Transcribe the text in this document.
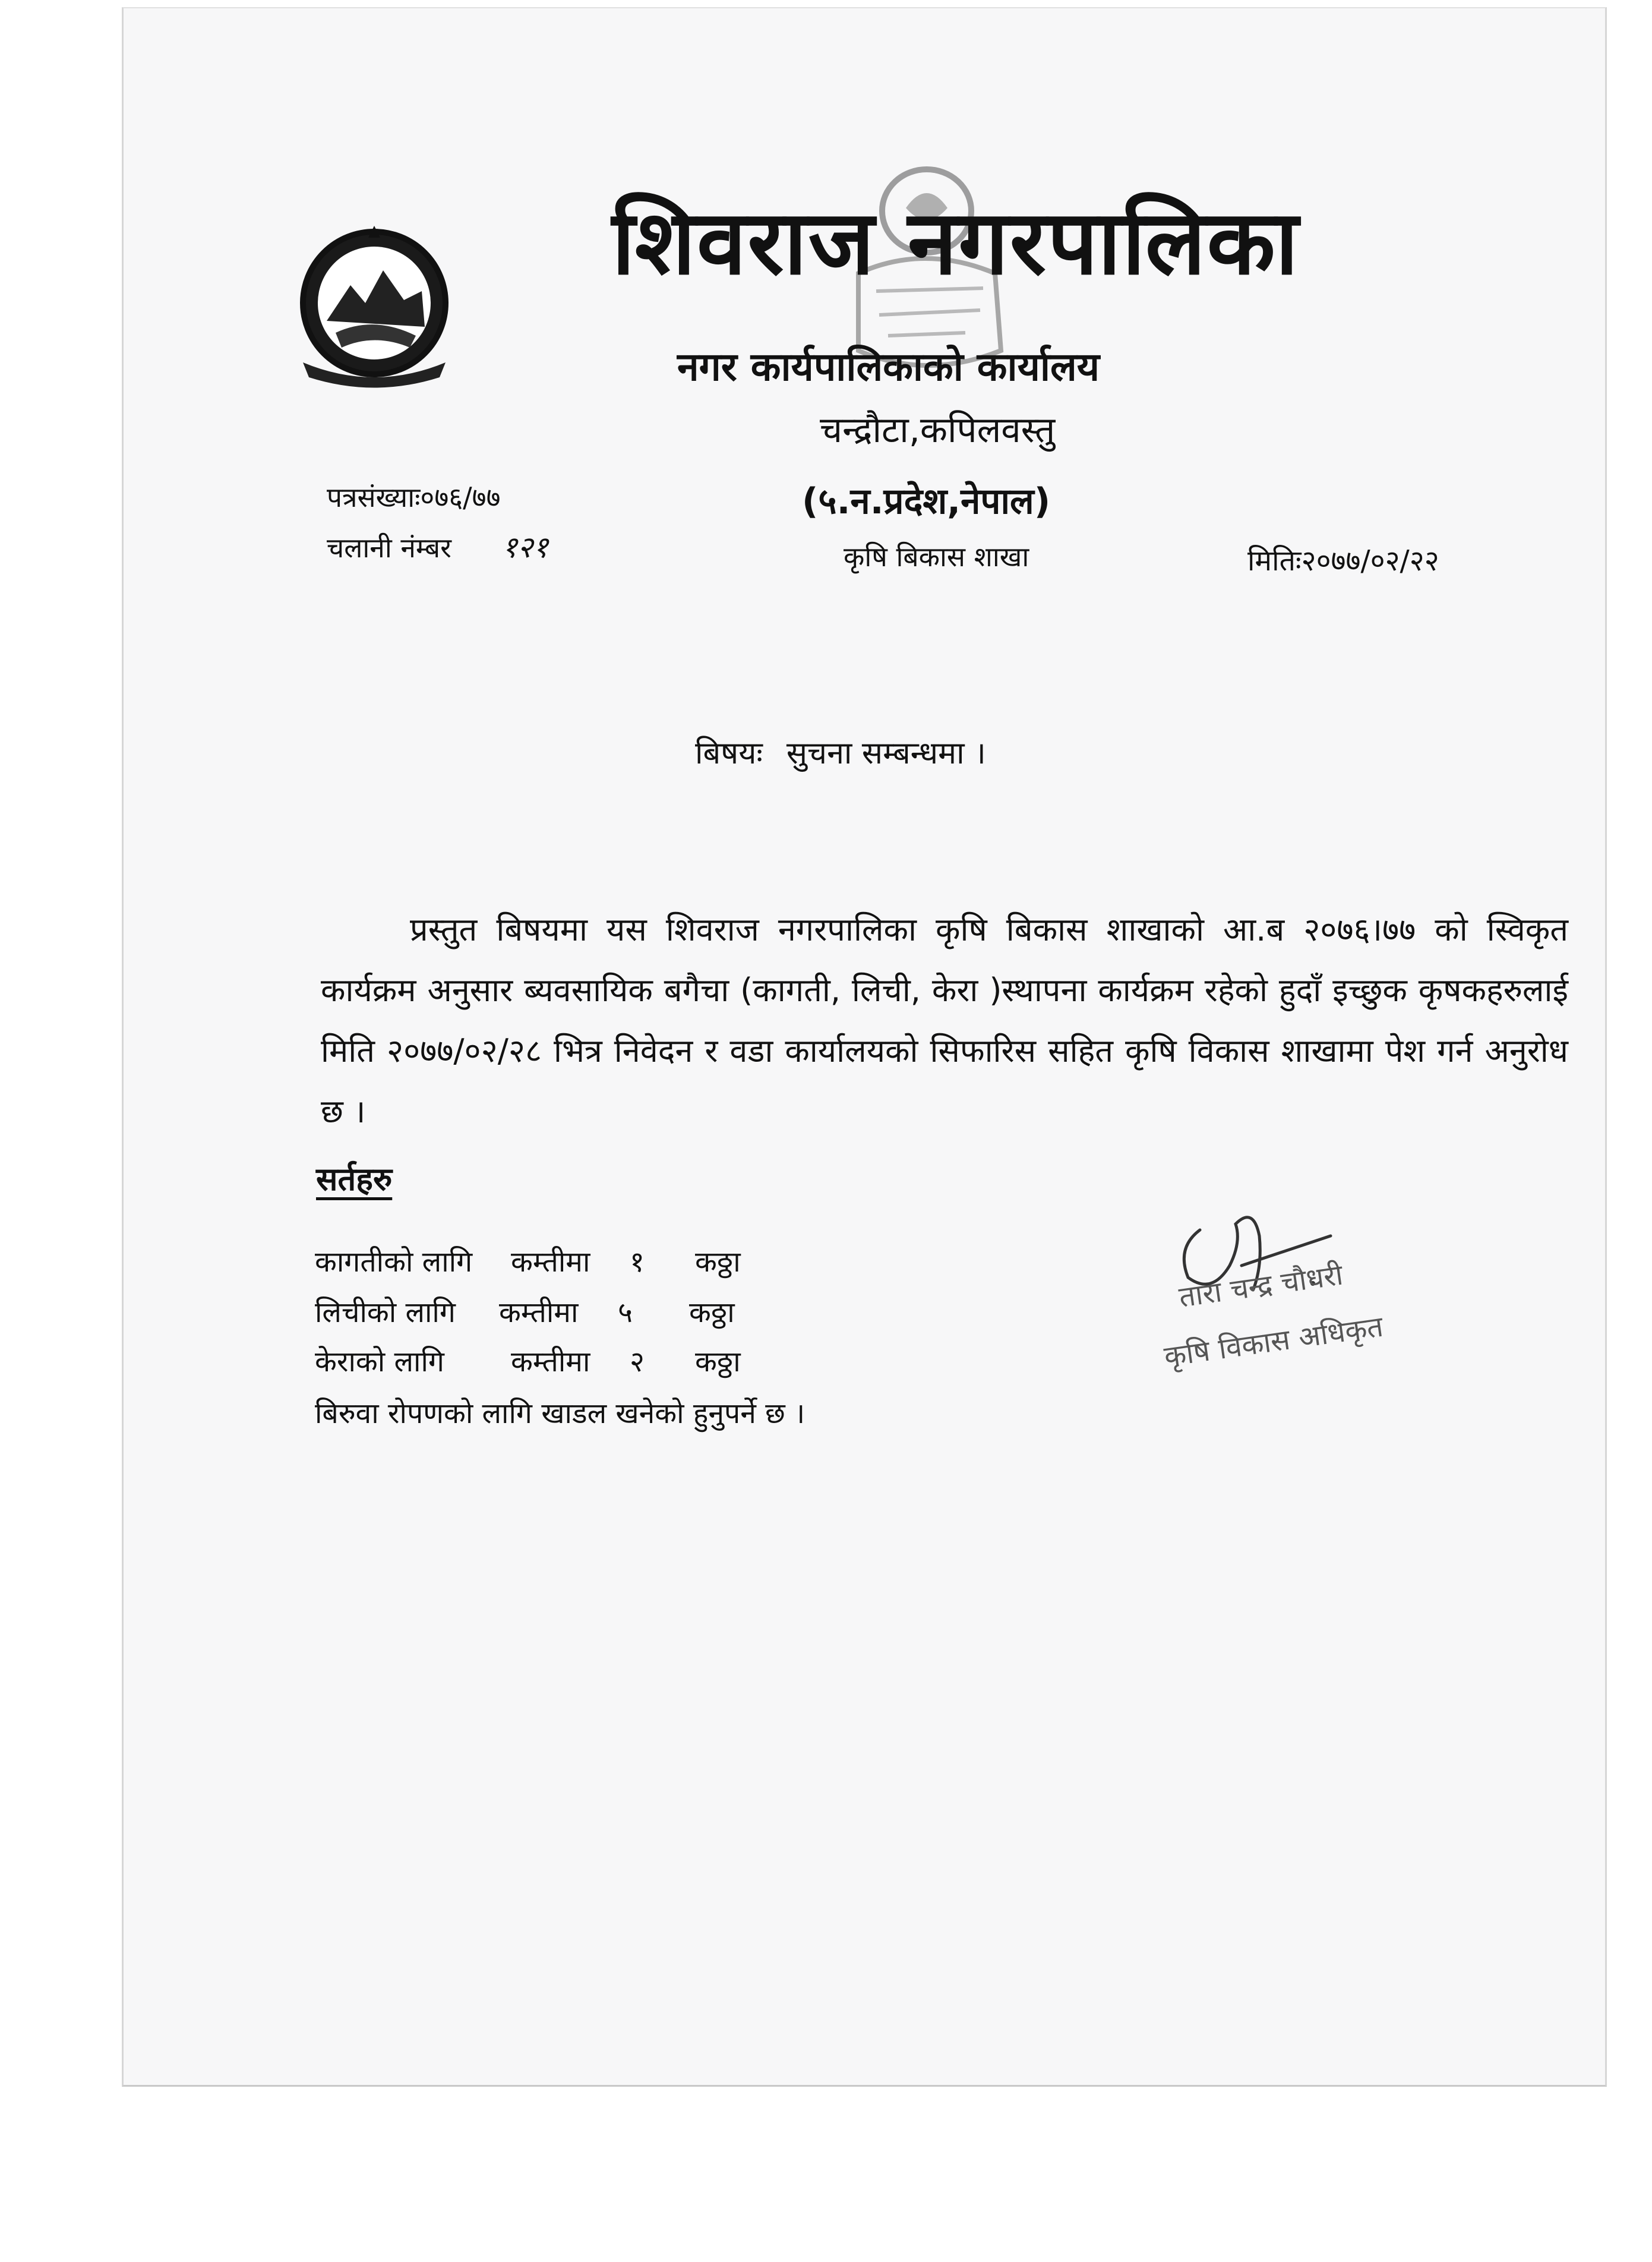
शिवराज नगरपालिका
नगर कार्यपालिकाको कार्यालय
चन्द्रौटा,कपिलवस्तु
(५.न.प्रदेश,नेपाल)
पत्रसंख्याः०७६/७७
चलानी नंम्बर १२१	कृषि बिकास शाखा	मितिः२०७७/०२/२२
बिषयः सुचना सम्बन्धमा ।

प्रस्तुत बिषयमा यस शिवराज नगरपालिका कृषि बिकास शाखाको आ.ब २०७६।७७ को स्विकृत कार्यक्रम अनुसार ब्यवसायिक बगैचा (कागती, लिची, केरा )स्थापना कार्यक्रम रहेको हुदाँ इच्छुक कृषकहरुलाई मिति २०७७/०२/२८ भित्र निवेदन र वडा कार्यालयको सिफारिस सहित कृषि विकास शाखामा पेश गर्न अनुरोध छ ।

सर्तहरु
कागतीको लागि कम्तीमा १ कठ्ठा
लिचीको लागि कम्तीमा ५ कठ्ठा
केराको लागि कम्तीमा २ कठ्ठा
बिरुवा रोपणको लागि खाडल खनेको हुनुपर्ने छ ।
तारा चन्द्र चौधरी
कृषि विकास अधिकृत
